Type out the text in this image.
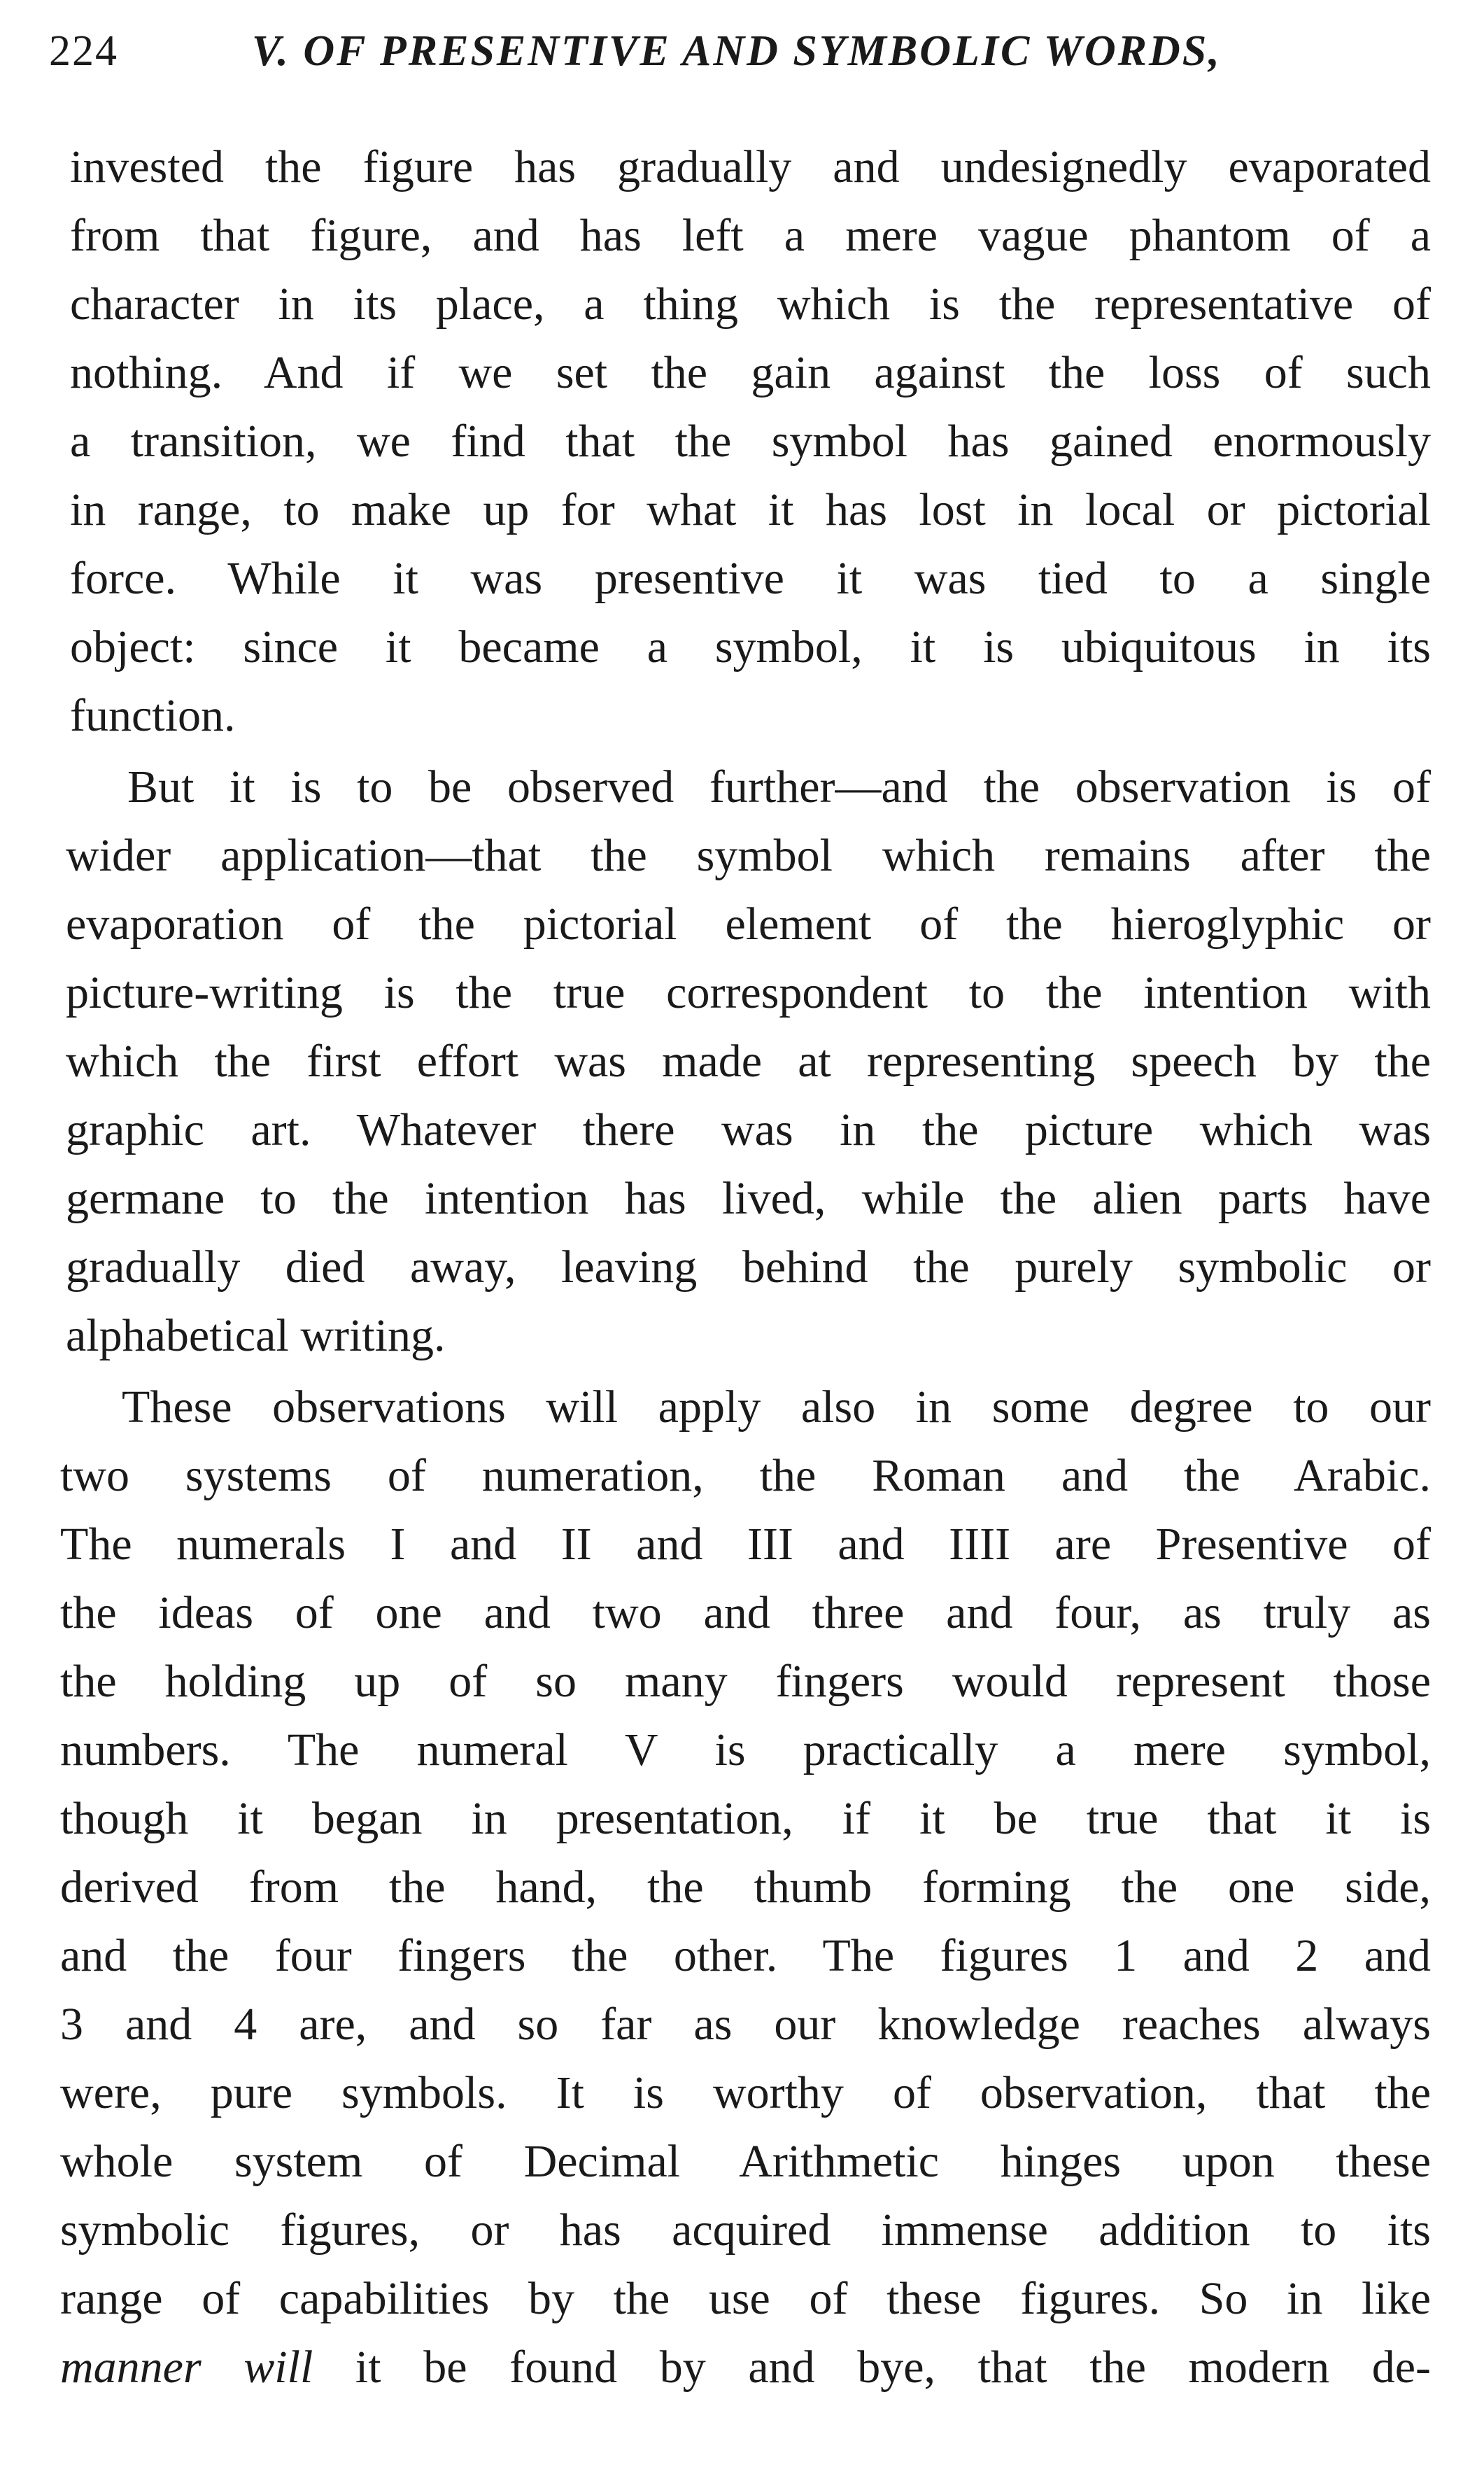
224	V. OF PRESENTIVE AND SYMBOLIC WORDS,
invested the figure has gradually and undesignedly evaporated
from that figure, and has left a mere vague phantom of a
character in its place, a thing which is the representative of
nothing. And if we set the gain against the loss of such
a transition, we find that the symbol has gained enormously
in range, to make up for what it has lost in local or pictorial
force. While it was presentive it was tied to a single
object: since it became a symbol, it is ubiquitous in its
function.
But it is to be observed further—and the observation is of
wider application—that the symbol which remains after the
evaporation of the pictorial element of the hieroglyphic or
picture-writing is the true correspondent to the intention with
which the first effort was made at representing speech by the
graphic art. Whatever there was in the picture which was
germane to the intention has lived, while the alien parts have
gradually died away, leaving behind the purely symbolic or
alphabetical writing.
These observations will apply also in some degree to our
two systems of numeration, the Roman and the Arabic.
The numerals I and II and III and IIII are Presentive of
the ideas of one and two and three and four, as truly as
the holding up of so many fingers would represent those
numbers. The numeral V is practically a mere symbol,
though it began in presentation, if it be true that it is
derived from the hand, the thumb forming the one side,
and the four fingers the other. The figures 1 and 2 and
3 and 4 are, and so far as our knowledge reaches always
were, pure symbols. It is worthy of observation, that the
whole system of Decimal Arithmetic hinges upon these
symbolic figures, or has acquired immense addition to its
range of capabilities by the use of these figures. So in like
manner will it be found by and bye, that the modern de-
